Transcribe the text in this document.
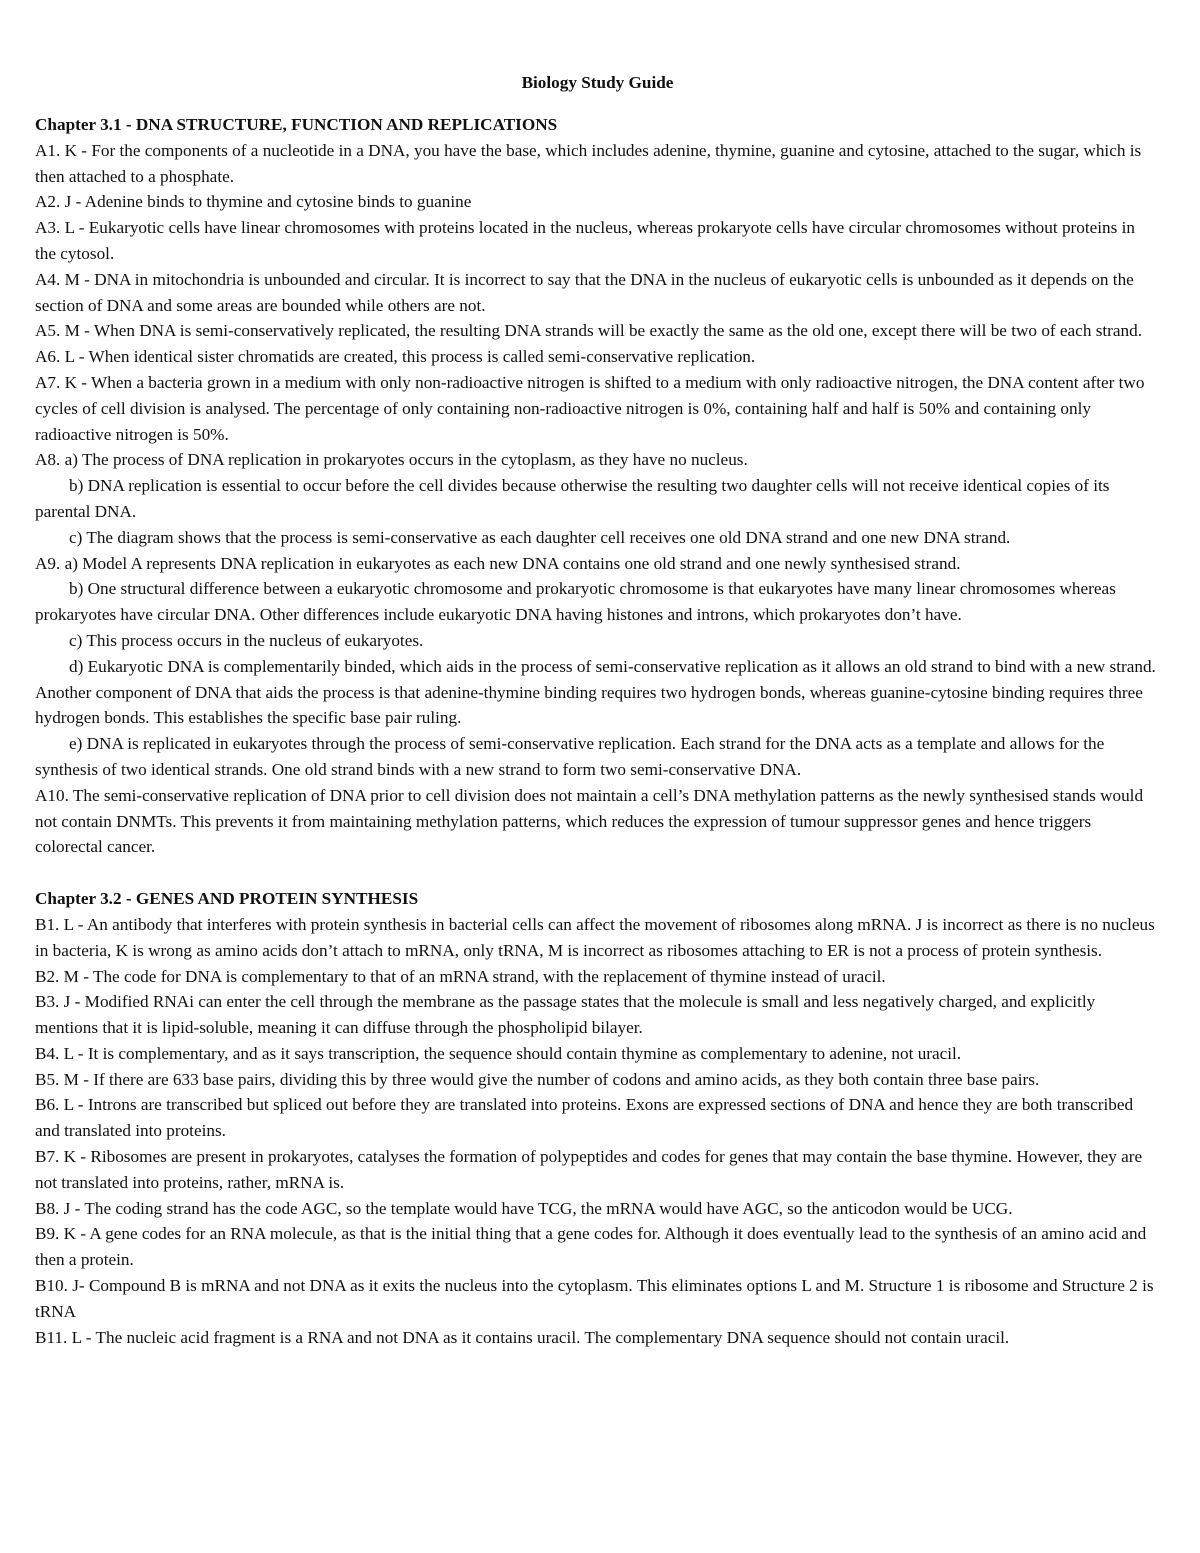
Biology Study Guide
Chapter 3.1 - DNA STRUCTURE, FUNCTION AND REPLICATIONS

A1. K - For the components of a nucleotide in a DNA, you have the base, which includes adenine, thymine, guanine and cytosine, attached to the sugar, which is then attached to a phosphate.

A2. J - Adenine binds to thymine and cytosine binds to guanine

A3. L - Eukaryotic cells have linear chromosomes with proteins located in the nucleus, whereas prokaryote cells have circular chromosomes without proteins in the cytosol.

A4. M - DNA in mitochondria is unbounded and circular. It is incorrect to say that the DNA in the nucleus of eukaryotic cells is unbounded as it depends on the section of DNA and some areas are bounded while others are not.

A5. M - When DNA is semi-conservatively replicated, the resulting DNA strands will be exactly the same as the old one, except there will be two of each strand.

A6. L - When identical sister chromatids are created, this process is called semi-conservative replication.

A7. K - When a bacteria grown in a medium with only non-radioactive nitrogen is shifted to a medium with only radioactive nitrogen, the DNA content after two cycles of cell division is analysed. The percentage of only containing non-radioactive nitrogen is 0%, containing half and half is 50% and containing only radioactive nitrogen is 50%.

A8. a) The process of DNA replication in prokaryotes occurs in the cytoplasm, as they have no nucleus.

b) DNA replication is essential to occur before the cell divides because otherwise the resulting two daughter cells will not receive identical copies of its parental DNA.

c) The diagram shows that the process is semi-conservative as each daughter cell receives one old DNA strand and one new DNA strand.

A9. a) Model A represents DNA replication in eukaryotes as each new DNA contains one old strand and one newly synthesised strand.

b) One structural difference between a eukaryotic chromosome and prokaryotic chromosome is that eukaryotes have many linear chromosomes whereas prokaryotes have circular DNA. Other differences include eukaryotic DNA having histones and introns, which prokaryotes don’t have.

c) This process occurs in the nucleus of eukaryotes.

d) Eukaryotic DNA is complementarily binded, which aids in the process of semi-conservative replication as it allows an old strand to bind with a new strand. Another component of DNA that aids the process is that adenine-thymine binding requires two hydrogen bonds, whereas guanine-cytosine binding requires three hydrogen bonds. This establishes the specific base pair ruling.

e) DNA is replicated in eukaryotes through the process of semi-conservative replication. Each strand for the DNA acts as a template and allows for the synthesis of two identical strands. One old strand binds with a new strand to form two semi-conservative DNA.

A10. The semi-conservative replication of DNA prior to cell division does not maintain a cell’s DNA methylation patterns as the newly synthesised stands would not contain DNMTs. This prevents it from maintaining methylation patterns, which reduces the expression of tumour suppressor genes and hence triggers colorectal cancer.

Chapter 3.2 - GENES AND PROTEIN SYNTHESIS

B1. L - An antibody that interferes with protein synthesis in bacterial cells can affect the movement of ribosomes along mRNA. J is incorrect as there is no nucleus in bacteria, K is wrong as amino acids don’t attach to mRNA, only tRNA, M is incorrect as ribosomes attaching to ER is not a process of protein synthesis.

B2. M - The code for DNA is complementary to that of an mRNA strand, with the replacement of thymine instead of uracil.

B3. J - Modified RNAi can enter the cell through the membrane as the passage states that the molecule is small and less negatively charged, and explicitly mentions that it is lipid-soluble, meaning it can diffuse through the phospholipid bilayer.

B4. L - It is complementary, and as it says transcription, the sequence should contain thymine as complementary to adenine, not uracil.

B5. M - If there are 633 base pairs, dividing this by three would give the number of codons and amino acids, as they both contain three base pairs.

B6. L - Introns are transcribed but spliced out before they are translated into proteins. Exons are expressed sections of DNA and hence they are both transcribed and translated into proteins.

B7. K - Ribosomes are present in prokaryotes, catalyses the formation of polypeptides and codes for genes that may contain the base thymine. However, they are not translated into proteins, rather, mRNA is.

B8. J - The coding strand has the code AGC, so the template would have TCG, the mRNA would have AGC, so the anticodon would be UCG.

B9. K - A gene codes for an RNA molecule, as that is the initial thing that a gene codes for. Although it does eventually lead to the synthesis of an amino acid and then a protein.

B10. J- Compound B is mRNA and not DNA as it exits the nucleus into the cytoplasm. This eliminates options L and M. Structure 1 is ribosome and Structure 2 is tRNA

B11. L - The nucleic acid fragment is a RNA and not DNA as it contains uracil. The complementary DNA sequence should not contain uracil.
